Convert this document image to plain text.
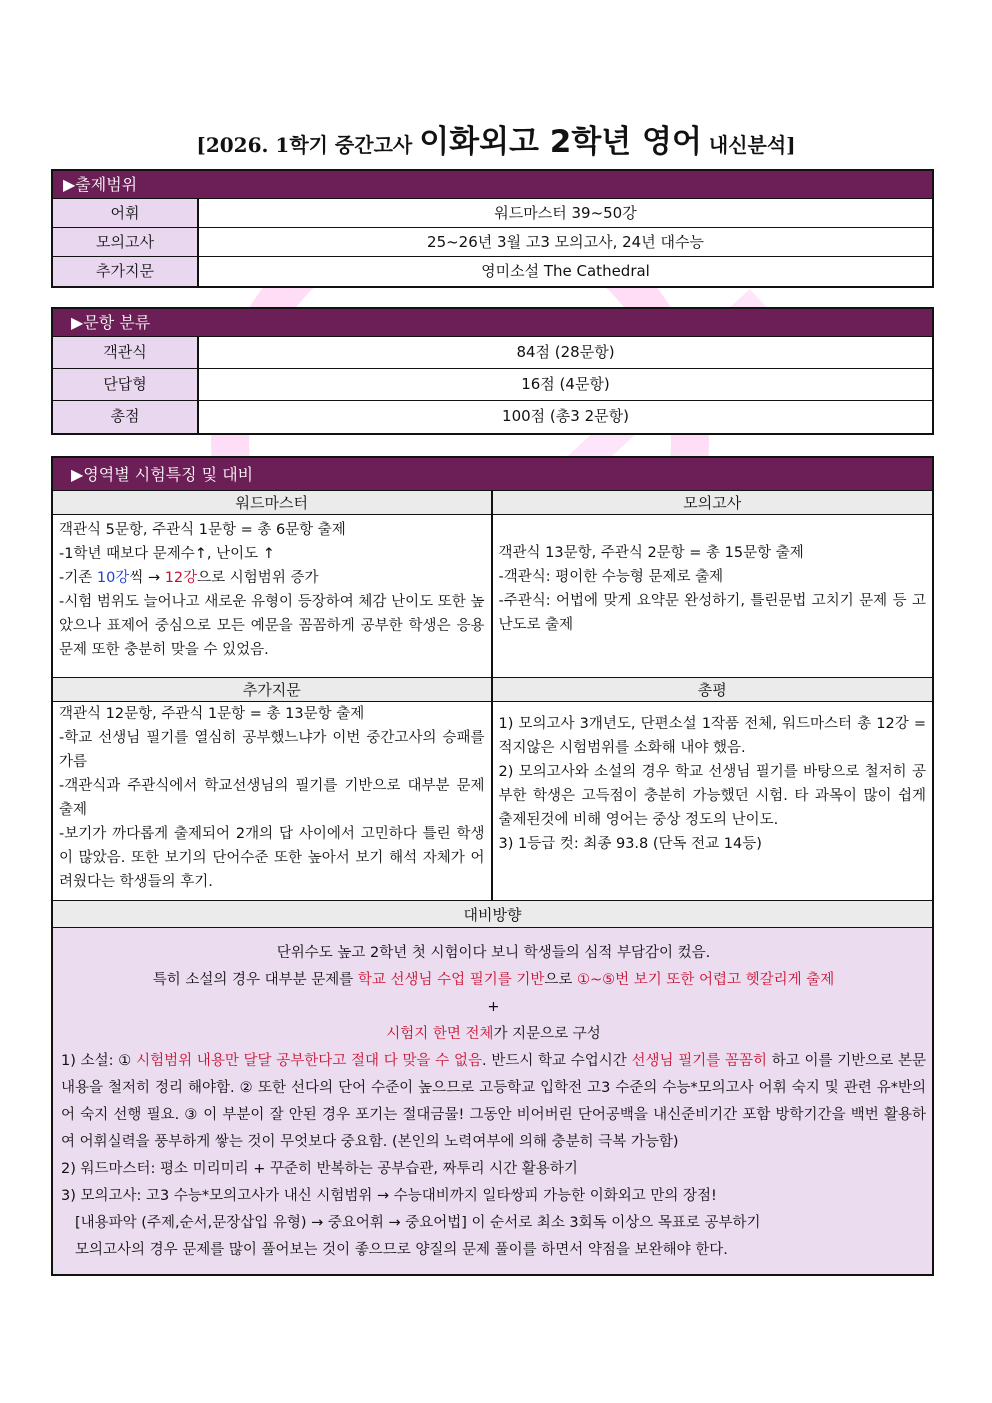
[2026. 1학기 중간고사 이화외고 2학년 영어 내신분석]
▶출제범위
어휘	워드마스터 39~50강
모의고사	25~26년 3월 고3 모의고사, 24년 대수능
추가지문	영미소설 The Cathedral
▶문항 분류
객관식	84점 (28문항)
단답형	16점 (4문항)
총점	100점 (총3 2문항)
▶영역별 시험특징 및 대비
워드마스터
객관식 5문항, 주관식 1문항 = 총 6문항 출제
-1학년 때보다 문제수↑, 난이도 ↑
-기존 10강씩 → 12강으로 시험범위 증가
-시험 범위도 늘어나고 새로운 유형이 등장하여 체감 난이도 또한 높았으나 표제어 중심으로 모든 예문을 꼼꼼하게 공부한 학생은 응용문제 또한 충분히 맞을 수 있었음.
모의고사
객관식 13문항, 주관식 2문항 = 총 15문항 출제
-객관식: 평이한 수능형 문제로 출제
-주관식: 어법에 맞게 요약문 완성하기, 틀린문법 고치기 문제 등 고난도로 출제
추가지문
객관식 12문항, 주관식 1문항 = 총 13문항 출제
-학교 선생님 필기를 열심히 공부했느냐가 이번 중간고사의 승패를 가름
-객관식과 주관식에서 학교선생님의 필기를 기반으로 대부분 문제 출제
-보기가 까다롭게 출제되어 2개의 답 사이에서 고민하다 틀린 학생이 많았음. 또한 보기의 단어수준 또한 높아서 보기 해석 자체가 어려웠다는 학생들의 후기.
총평
1) 모의고사 3개년도, 단편소설 1작품 전체, 워드마스터 총 12강 = 적지않은 시험범위를 소화해 내야 했음.
2) 모의고사와 소설의 경우 학교 선생님 필기를 바탕으로 철저히 공부한 학생은 고득점이 충분히 가능했던 시험. 타 과목이 많이 쉽게 출제된것에 비해 영어는 중상 정도의 난이도.
3) 1등급 컷: 최종 93.8 (단독 전교 14등)
대비방향
단위수도 높고 2학년 첫 시험이다 보니 학생들의 심적 부담감이 컸음.
특히 소설의 경우 대부분 문제를 학교 선생님 수업 필기를 기반으로 ①~⑤번 보기 또한 어렵고 헷갈리게 출제
+
시험지 한면 전체가 지문으로 구성
1) 소설: ① 시험범위 내용만 달달 공부한다고 절대 다 맞을 수 없음. 반드시 학교 수업시간 선생님 필기를 꼼꼼히 하고 이를 기반으로 본문내용을 철저히 정리 해야함. ② 또한 선다의 단어 수준이 높으므로 고등학교 입학전 고3 수준의 수능*모의고사 어휘 숙지 및 관련 유*반의어 숙지 선행 필요. ③ 이 부분이 잘 안된 경우 포기는 절대금물! 그동안 비어버린 단어공백을 내신준비기간 포함 방학기간을 백번 활용하여 어휘실력을 풍부하게 쌓는 것이 무엇보다 중요함. (본인의 노력여부에 의해 충분히 극복 가능함)
2) 워드마스터: 평소 미리미리 + 꾸준히 반복하는 공부습관, 짜투리 시간 활용하기
3) 모의고사: 고3 수능*모의고사가 내신 시험범위 → 수능대비까지 일타쌍피 가능한 이화외고 만의 장점!
[내용파악 (주제,순서,문장삽입 유형) → 중요어휘 → 중요어법] 이 순서로 최소 3회독 이상으 목표로 공부하기
모의고사의 경우 문제를 많이 풀어보는 것이 좋으므로 양질의 문제 풀이를 하면서 약점을 보완해야 한다.
